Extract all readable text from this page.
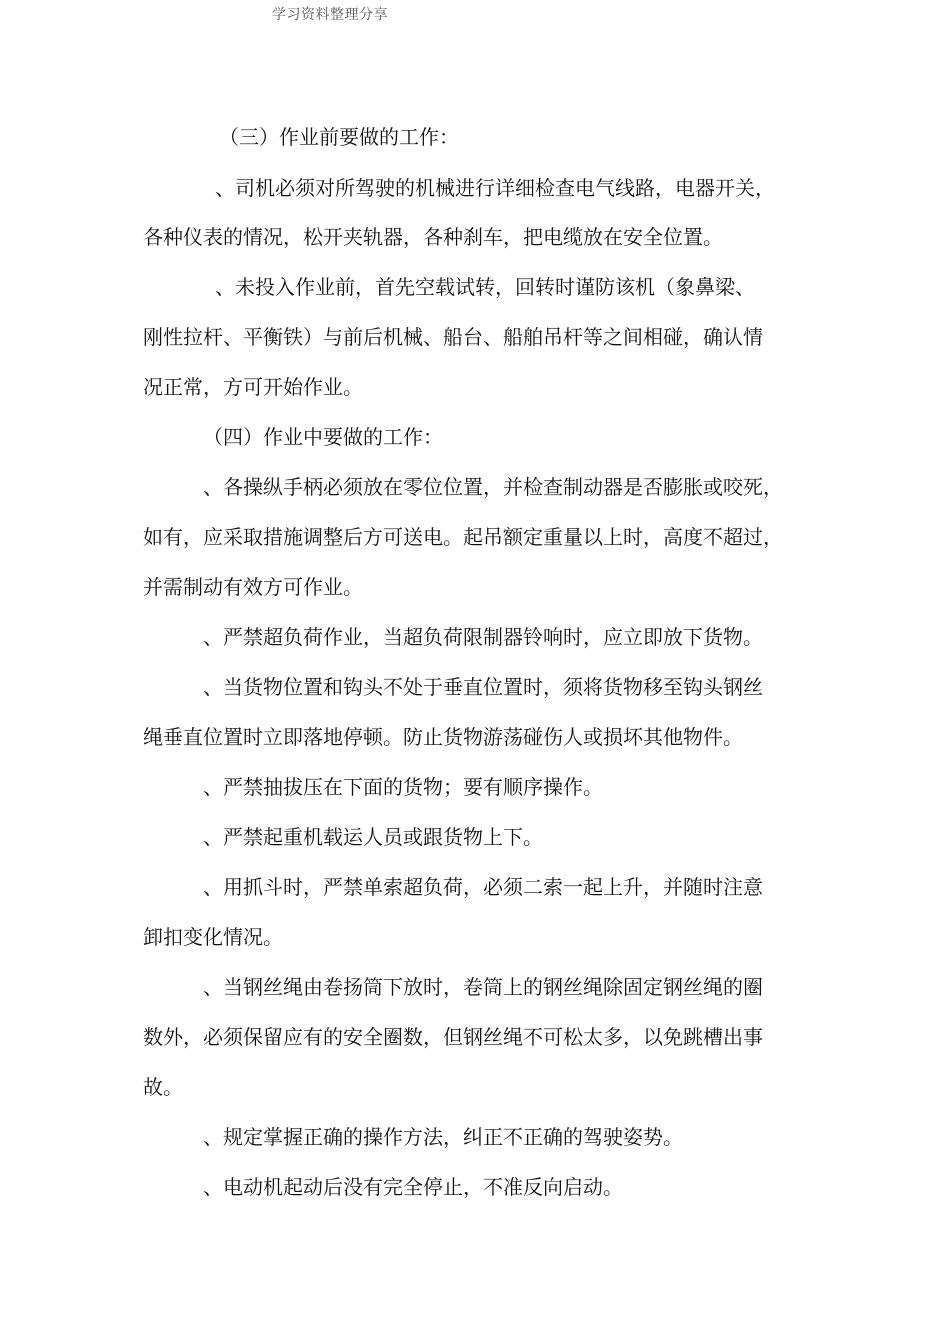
学习资料整理分享
（三）作业前要做的工作：
、司机必须对所驾驶的机械进行详细检查电气线路，电器开关，
各种仪表的情况，松开夹轨器，各种刹车，把电缆放在安全位置。
、未投入作业前，首先空载试转，回转时谨防该机（象鼻梁、
刚性拉杆、平衡铁）与前后机械、船台、船舶吊杆等之间相碰，确认情
况正常，方可开始作业。
（四）作业中要做的工作：
、各操纵手柄必须放在零位位置，并检查制动器是否膨胀或咬死，
如有，应采取措施调整后方可送电。起吊额定重量以上时，高度不超过，
并需制动有效方可作业。
、严禁超负荷作业，当超负荷限制器铃响时，应立即放下货物。
、当货物位置和钩头不处于垂直位置时，须将货物移至钩头钢丝
绳垂直位置时立即落地停顿。防止货物游荡碰伤人或损坏其他物件。
、严禁抽拔压在下面的货物；要有顺序操作。
、严禁起重机载运人员或跟货物上下。
、用抓斗时，严禁单索超负荷，必须二索一起上升，并随时注意
卸扣变化情况。
、当钢丝绳由卷扬筒下放时，卷筒上的钢丝绳除固定钢丝绳的圈
数外，必须保留应有的安全圈数，但钢丝绳不可松太多，以免跳槽出事
故。
、规定掌握正确的操作方法，纠正不正确的驾驶姿势。
、电动机起动后没有完全停止，不准反向启动。
